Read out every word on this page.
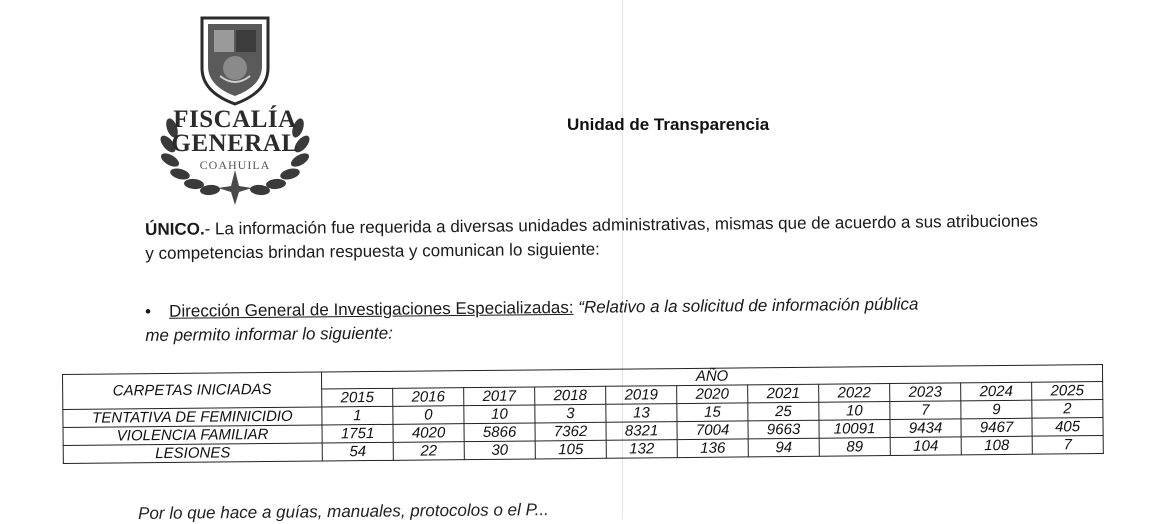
FISCALÍA
GENERAL
COAHUILA
Unidad de Transparencia
ÚNICO.- La información fue requerida a diversas unidades administrativas, mismas que de acuerdo a sus atribuciones y competencias brindan respuesta y comunican lo siguiente:
• Dirección General de Investigaciones Especializadas: “Relativo a la solicitud de información pública
me permito informar lo siguiente:
CARPETAS INICIADAS	AÑO										
	2015	2016	2017	2018	2019	2020	2021	2022	2023	2024	2025
TENTATIVA DE FEMINICIDIO	1	0	10	3	13	15	25	10	7	9	2
VIOLENCIA FAMILIAR	1751	4020	5866	7362	8321	7004	9663	10091	9434	9467	405
LESIONES	54	22	30	105	132	136	94	89	104	108	7
Por lo que hace a guías, manuales, protocolos o el P...
